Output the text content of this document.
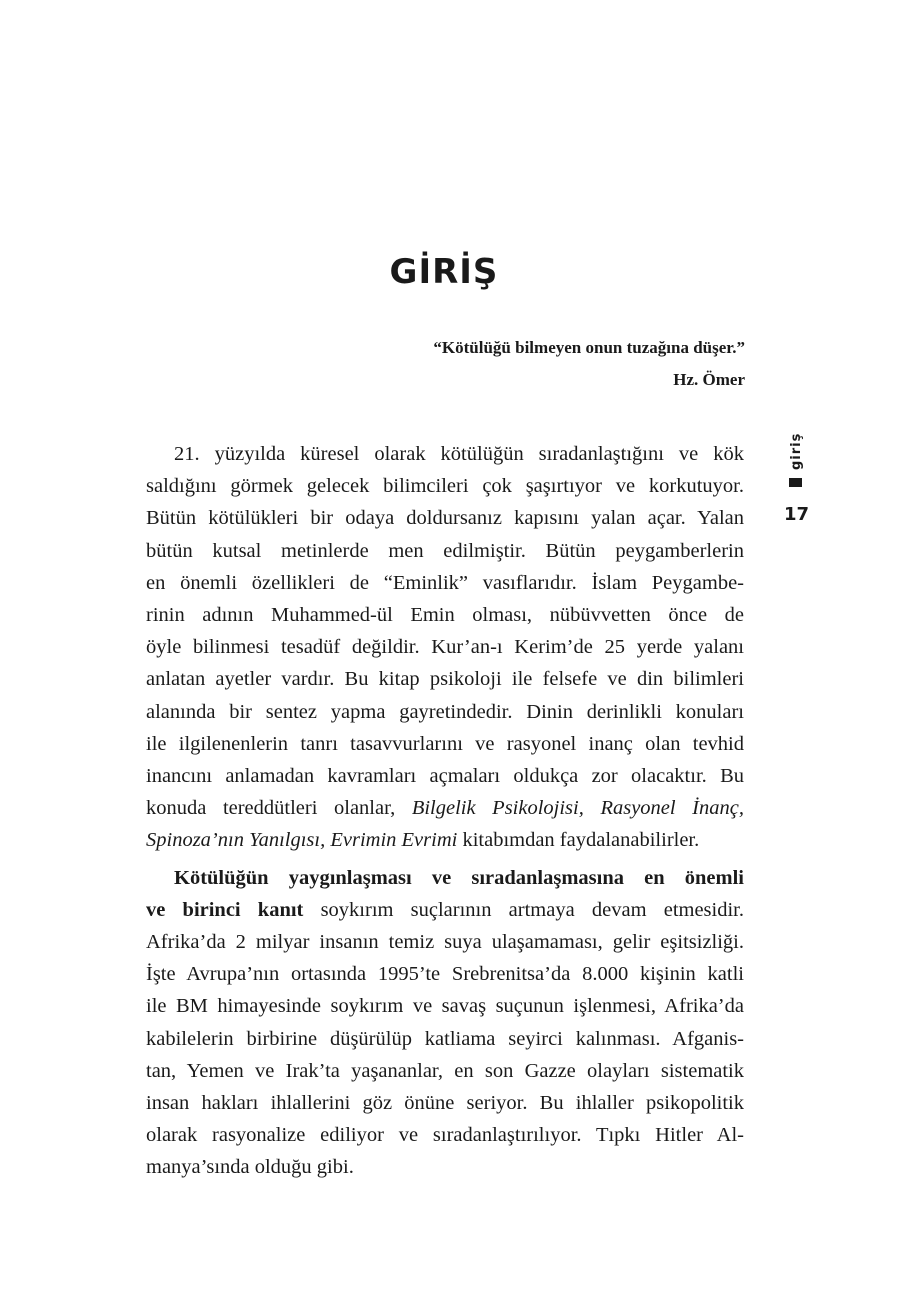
GİRİŞ

“Kötülüğü bilmeyen onun tuzağına düşer.”

Hz. Ömer

giriş
17

21. yüzyılda küresel olarak kötülüğün sıradanlaştığını ve kök
saldığını görmek gelecek bilimcileri çok şaşırtıyor ve korkutuyor.
Bütün kötülükleri bir odaya doldursanız kapısını yalan açar. Yalan
bütün kutsal metinlerde men edilmiştir. Bütün peygamberlerin
en önemli özellikleri de “Eminlik” vasıflarıdır. İslam Peygambe-
rinin adının Muhammed-ül Emin olması, nübüvvetten önce de
öyle bilinmesi tesadüf değildir. Kur’an-ı Kerim’de 25 yerde yalanı
anlatan ayetler vardır. Bu kitap psikoloji ile felsefe ve din bilimleri
alanında bir sentez yapma gayretindedir. Dinin derinlikli konuları
ile ilgilenenlerin tanrı tasavvurlarını ve rasyonel inanç olan tevhid
inancını anlamadan kavramları açmaları oldukça zor olacaktır. Bu
konuda tereddütleri olanlar, Bilgelik Psikolojisi, Rasyonel İnanç,
Spinoza’nın Yanılgısı, Evrimin Evrimi kitabımdan faydalanabilirler.

Kötülüğün yaygınlaşması ve sıradanlaşmasına en önemli
ve birinci kanıt soykırım suçlarının artmaya devam etmesidir.
Afrika’da 2 milyar insanın temiz suya ulaşamaması, gelir eşitsizliği.
İşte Avrupa’nın ortasında 1995’te Srebrenitsa’da 8.000 kişinin katli
ile BM himayesinde soykırım ve savaş suçunun işlenmesi, Afrika’da
kabilelerin birbirine düşürülüp katliama seyirci kalınması. Afganis-
tan, Yemen ve Irak’ta yaşananlar, en son Gazze olayları sistematik
insan hakları ihlallerini göz önüne seriyor. Bu ihlaller psikopolitik
olarak rasyonalize ediliyor ve sıradanlaştırılıyor. Tıpkı Hitler Al-
manya’sında olduğu gibi.
